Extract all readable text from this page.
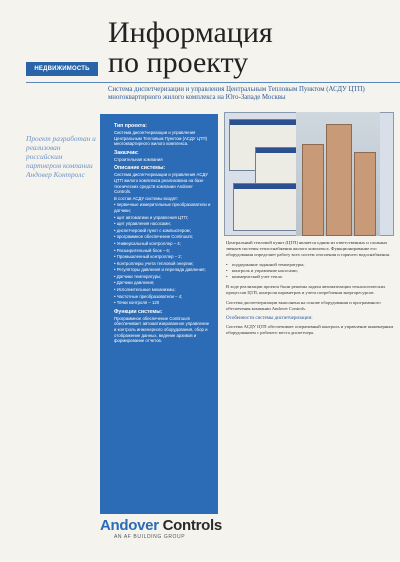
НЕДВИЖИМОСТЬ
Проект разработан и реализован российским партнером компании Андовер Контролс
Информация
по проекту
Система диспетчеризации и управления Центральным Тепловым Пунктом (АСДУ ЦТП) многоквартирного жилого комплекса на Юго-Западе Москвы
Тип проекта:

Система диспетчеризации и управления Центральным Тепловым Пунктом (АСДУ ЦТП) многоквартирного жилого комплекса.

Заказчик:

Строительная компания

Описание системы:

Система диспетчеризации и управления АСДУ ЦТП жилого комплекса реализована на базе технических средств компании Andover Controls.

В состав АСДУ системы входят:

• первичные измерительные преобразователи и датчики;

• щит автоматики и управления ЦТП;

• щит управления насосами;

• диспетчерский пункт с компьютером;

• программное обеспечение Continuum;

• Универсальный контроллер – 4;

• Расширительный блок – 6;

• Промышленный контроллер – 2;

• Контроллеры учета тепловой энергии;

• Регуляторы давления и перепада давления;

• Датчики температуры;

• Датчики давления;

• Исполнительные механизмы;

• Частотные преобразователи – 4;

• Точки контроля – 120

Функции системы:

Программное обеспечение Continuum обеспечивает автоматизированное управление и контроль инженерного оборудования, сбор и отображение данных, ведение архивов и формирование отчетов.

Центральный тепловой пункт (ЦТП) является одним из ответственных и сложных звеньев системы теплоснабжения жилого комплекса. Функционирование его оборудования определяет работу всех систем отопления и горячего водоснабжения.

• поддержание заданной температуры;
• контроль и управление насосами;
• коммерческий учет тепла.

В ходе реализации проекта были решены задачи автоматизации технологических процессов ЦТП, контроля параметров и учета потребления энергоресурсов.

Система диспетчеризации выполнена на основе оборудования и программного обеспечения компании Andover Controls.

Особенности системы диспетчеризации:

Система АСДУ ЦТП обеспечивает оперативный контроль и управление инженерным оборудованием с рабочего места диспетчера.

Andover Controls
AN AF BUILDING GROUP
